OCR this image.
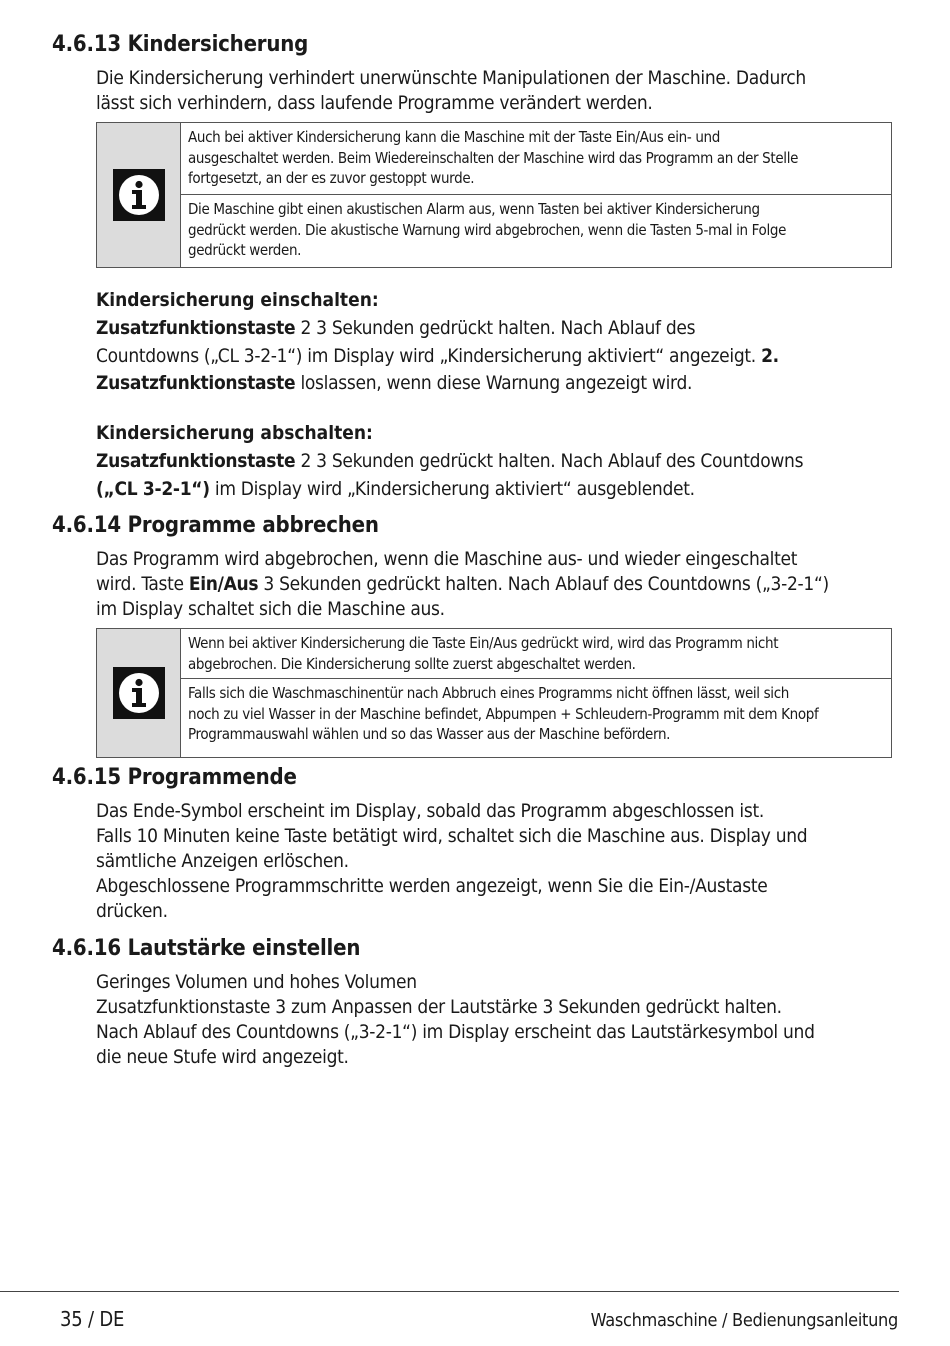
4.6.13 Kindersicherung

Die Kindersicherung verhindert unerwünschte Manipulationen der Maschine. Dadurch
lässt sich verhindern, dass laufende Programme verändert werden.

Auch bei aktiver Kindersicherung kann die Maschine mit der Taste Ein/Aus ein- und
ausgeschaltet werden. Beim Wiedereinschalten der Maschine wird das Programm an der Stelle
fortgesetzt, an der es zuvor gestoppt wurde.
Die Maschine gibt einen akustischen Alarm aus, wenn Tasten bei aktiver Kindersicherung
gedrückt werden. Die akustische Warnung wird abgebrochen, wenn die Tasten 5-mal in Folge
gedrückt werden.
Kindersicherung einschalten:

Zusatzfunktionstaste 2 3 Sekunden gedrückt halten. Nach Ablauf des
Countdowns („CL 3-2-1“) im Display wird „Kindersicherung aktiviert“ angezeigt. 2.
Zusatzfunktionstaste loslassen, wenn diese Warnung angezeigt wird.

Kindersicherung abschalten:

Zusatzfunktionstaste 2 3 Sekunden gedrückt halten. Nach Ablauf des Countdowns
(„CL 3-2-1“) im Display wird „Kindersicherung aktiviert“ ausgeblendet.

4.6.14 Programme abbrechen

Das Programm wird abgebrochen, wenn die Maschine aus- und wieder eingeschaltet
wird. Taste Ein/Aus 3 Sekunden gedrückt halten. Nach Ablauf des Countdowns („3-2-1“)
im Display schaltet sich die Maschine aus.

Wenn bei aktiver Kindersicherung die Taste Ein/Aus gedrückt wird, wird das Programm nicht
abgebrochen. Die Kindersicherung sollte zuerst abgeschaltet werden.
Falls sich die Waschmaschinentür nach Abbruch eines Programms nicht öffnen lässt, weil sich
noch zu viel Wasser in der Maschine befindet, Abpumpen + Schleudern-Programm mit dem Knopf
Programmauswahl wählen und so das Wasser aus der Maschine befördern.
4.6.15 Programmende

Das Ende-Symbol erscheint im Display, sobald das Programm abgeschlossen ist.
Falls 10 Minuten keine Taste betätigt wird, schaltet sich die Maschine aus. Display und
sämtliche Anzeigen erlöschen.
Abgeschlossene Programmschritte werden angezeigt, wenn Sie die Ein-/Austaste
drücken.

4.6.16 Lautstärke einstellen

Geringes Volumen und hohes Volumen
Zusatzfunktionstaste 3 zum Anpassen der Lautstärke 3 Sekunden gedrückt halten.
Nach Ablauf des Countdowns („3-2-1“) im Display erscheint das Lautstärkesymbol und
die neue Stufe wird angezeigt.

35 / DE	Waschmaschine / Bedienungsanleitung
